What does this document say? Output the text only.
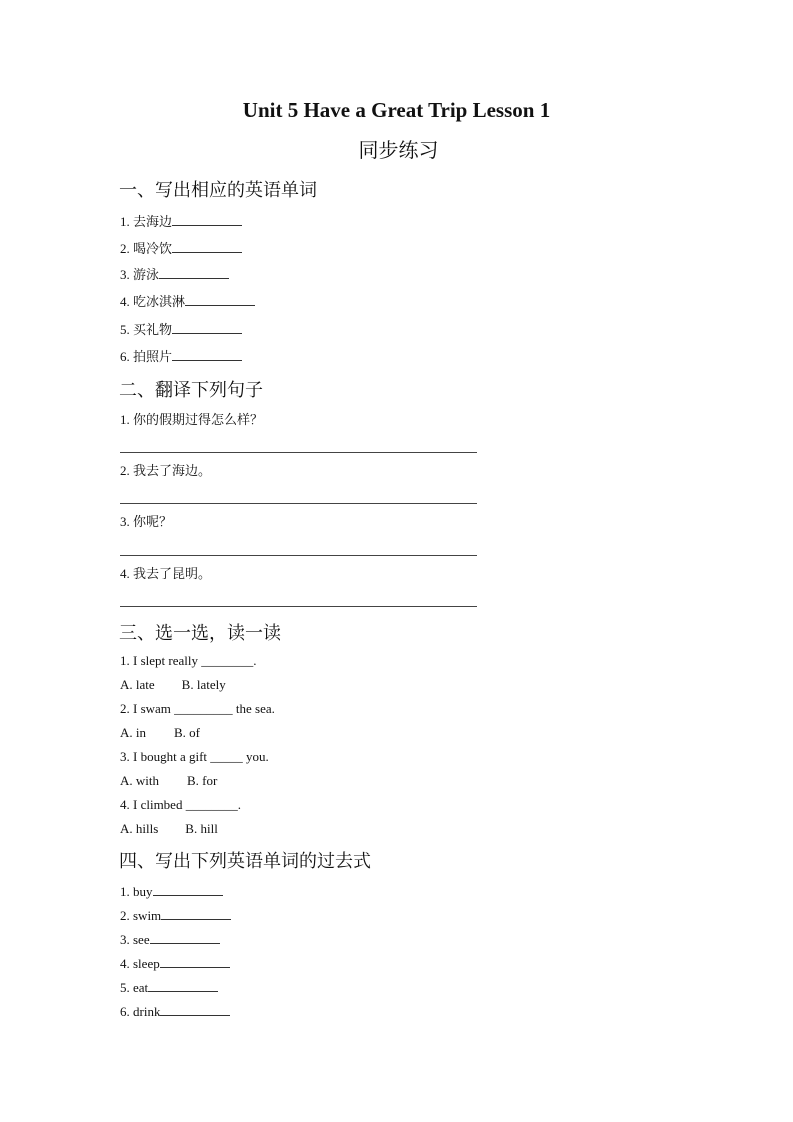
Unit 5 Have a Great Trip Lesson 1
同步练习
一、写出相应的英语单词
1. 去海边
2. 喝冷饮
3. 游泳
4. 吃冰淇淋
5. 买礼物
6. 拍照片
二、翻译下列句子
1. 你的假期过得怎么样？
2. 我去了海边。
3. 你呢？
4. 我去了昆明。
三、选一选，读一读
1. I slept really ________.
A. late B. lately
2. I swam _________ the sea.
A. in B. of
3. I bought a gift _____ you.
A. with B. for
4. I climbed ________.
A. hills B. hill
四、写出下列英语单词的过去式
1. buy
2. swim
3. see
4. sleep
5. eat
6. drink
